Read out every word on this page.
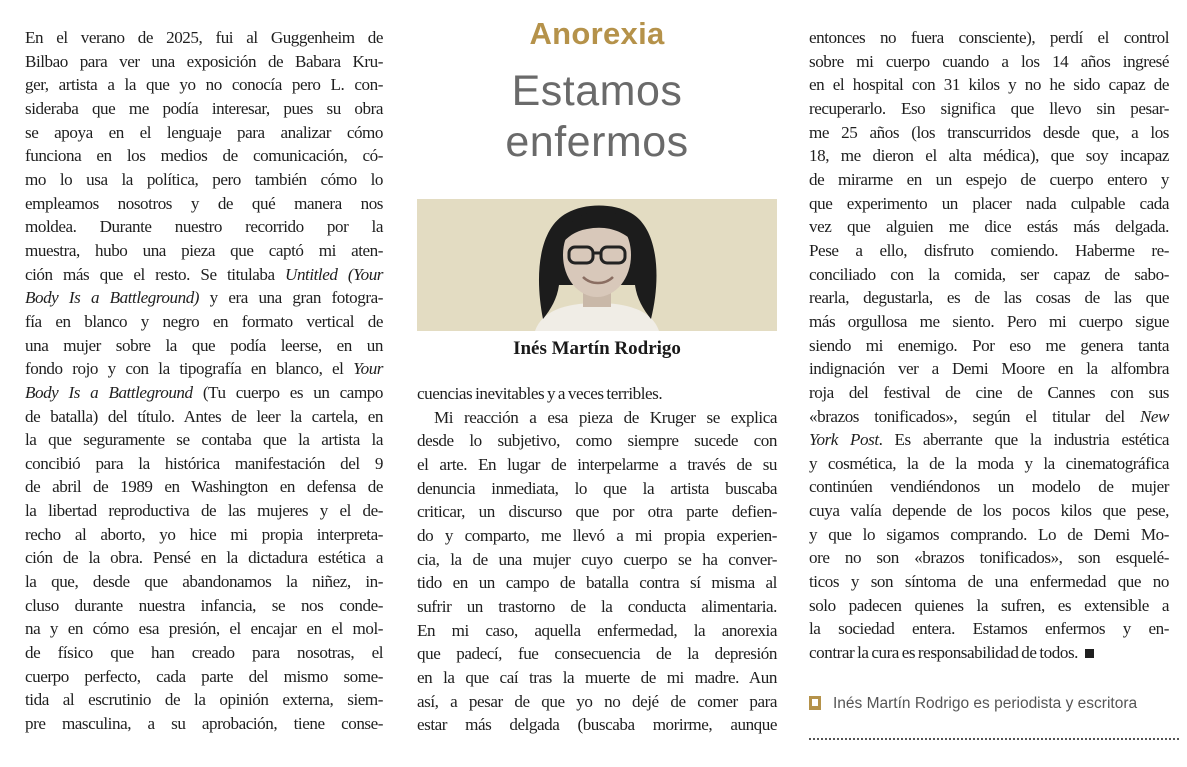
Anorexia
Estamos
enfermos
Inés Martín Rodrigo
En el verano de 2025, fui al Guggenheim de
Bilbao para ver una exposición de Babara Kru-
ger, artista a la que yo no conocía pero L. con-
sideraba que me podía interesar, pues su obra
se apoya en el lenguaje para analizar cómo
funciona en los medios de comunicación, có-
mo lo usa la política, pero también cómo lo
empleamos nosotros y de qué manera nos
moldea. Durante nuestro recorrido por la
muestra, hubo una pieza que captó mi aten-
ción más que el resto. Se titulaba Untitled (Your
Body Is a Battleground) y era una gran fotogra-
fía en blanco y negro en formato vertical de
una mujer sobre la que podía leerse, en un
fondo rojo y con la tipografía en blanco, el Your
Body Is a Battleground (Tu cuerpo es un campo
de batalla) del título. Antes de leer la cartela, en
la que seguramente se contaba que la artista la
concibió para la histórica manifestación del 9
de abril de 1989 en Washington en defensa de
la libertad reproductiva de las mujeres y el de-
recho al aborto, yo hice mi propia interpreta-
ción de la obra. Pensé en la dictadura estética a
la que, desde que abandonamos la niñez, in-
cluso durante nuestra infancia, se nos conde-
na y en cómo esa presión, el encajar en el mol-
de físico que han creado para nosotras, el
cuerpo perfecto, cada parte del mismo some-
tida al escrutinio de la opinión externa, siem-
pre masculina, a su aprobación, tiene conse-
cuencias inevitables y a veces terribles.
Mi reacción a esa pieza de Kruger se explica
desde lo subjetivo, como siempre sucede con
el arte. En lugar de interpelarme a través de su
denuncia inmediata, lo que la artista buscaba
criticar, un discurso que por otra parte defien-
do y comparto, me llevó a mi propia experien-
cia, la de una mujer cuyo cuerpo se ha conver-
tido en un campo de batalla contra sí misma al
sufrir un trastorno de la conducta alimentaria.
En mi caso, aquella enfermedad, la anorexia
que padecí, fue consecuencia de la depresión
en la que caí tras la muerte de mi madre. Aun
así, a pesar de que yo no dejé de comer para
estar más delgada (buscaba morirme, aunque
entonces no fuera consciente), perdí el control
sobre mi cuerpo cuando a los 14 años ingresé
en el hospital con 31 kilos y no he sido capaz de
recuperarlo. Eso significa que llevo sin pesar-
me 25 años (los transcurridos desde que, a los
18, me dieron el alta médica), que soy incapaz
de mirarme en un espejo de cuerpo entero y
que experimento un placer nada culpable cada
vez que alguien me dice estás más delgada.
Pese a ello, disfruto comiendo. Haberme re-
conciliado con la comida, ser capaz de sabo-
rearla, degustarla, es de las cosas de las que
más orgullosa me siento. Pero mi cuerpo sigue
siendo mi enemigo. Por eso me genera tanta
indignación ver a Demi Moore en la alfombra
roja del festival de cine de Cannes con sus
«brazos tonificados», según el titular del New
York Post. Es aberrante que la industria estética
y cosmética, la de la moda y la cinematográfica
continúen vendiéndonos un modelo de mujer
cuya valía depende de los pocos kilos que pese,
y que lo sigamos comprando. Lo de Demi Mo-
ore no son «brazos tonificados», son esquelé-
ticos y son síntoma de una enfermedad que no
solo padecen quienes la sufren, es extensible a
la sociedad entera. Estamos enfermos y en-
contrar la cura es responsabilidad de todos.
Inés Martín Rodrigo es periodista y escritora
